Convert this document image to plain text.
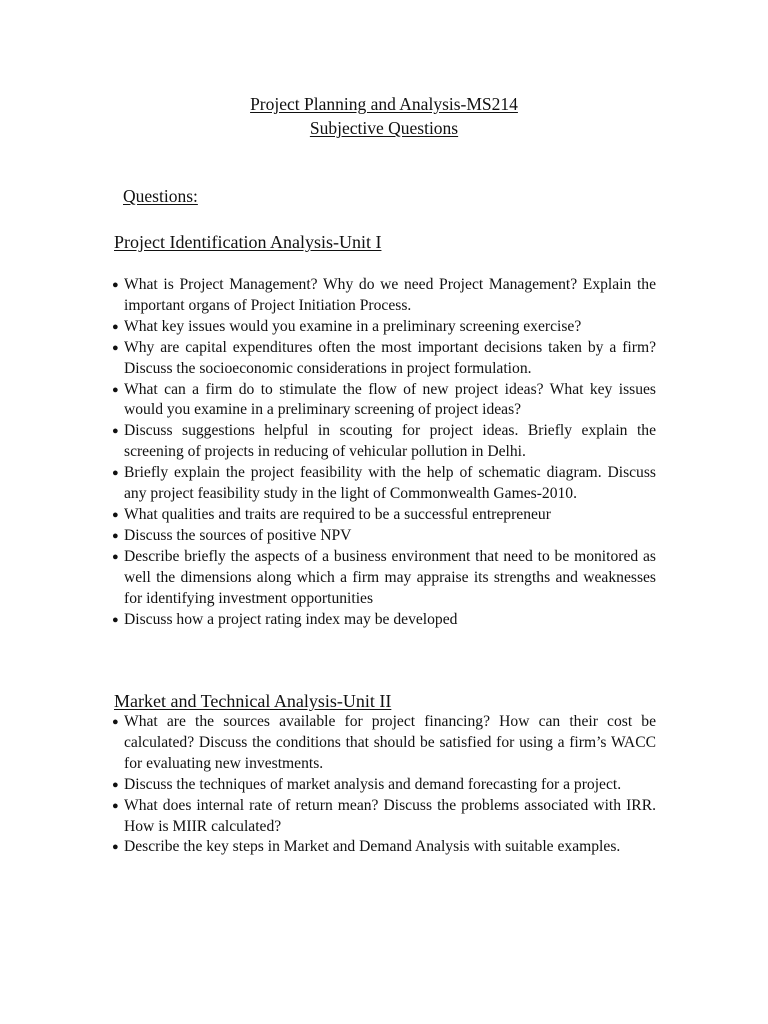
Project Planning and Analysis-MS214
Subjective Questions
Questions:
Project Identification Analysis-Unit I
● What is Project Management? Why do we need Project Management? Explain the important organs of Project Initiation Process.
● What key issues would you examine in a preliminary screening exercise?
● Why are capital expenditures often the most important decisions taken by a firm? Discuss the socioeconomic considerations in project formulation.
● What can a firm do to stimulate the flow of new project ideas? What key issues would you examine in a preliminary screening of project ideas?
● Discuss suggestions helpful in scouting for project ideas. Briefly explain the screening of projects in reducing of vehicular pollution in Delhi.
● Briefly explain the project feasibility with the help of schematic diagram. Discuss any project feasibility study in the light of Commonwealth Games-2010.
● What qualities and traits are required to be a successful entrepreneur
● Discuss the sources of positive NPV
● Describe briefly the aspects of a business environment that need to be monitored as well the dimensions along which a firm may appraise its strengths and weaknesses for identifying investment opportunities
● Discuss how a project rating index may be developed
Market and Technical Analysis-Unit II
● What are the sources available for project financing? How can their cost be calculated? Discuss the conditions that should be satisfied for using a firm’s WACC for evaluating new investments.
● Discuss the techniques of market analysis and demand forecasting for a project.
● What does internal rate of return mean? Discuss the problems associated with IRR. How is MIIR calculated?
● Describe the key steps in Market and Demand Analysis with suitable examples.
